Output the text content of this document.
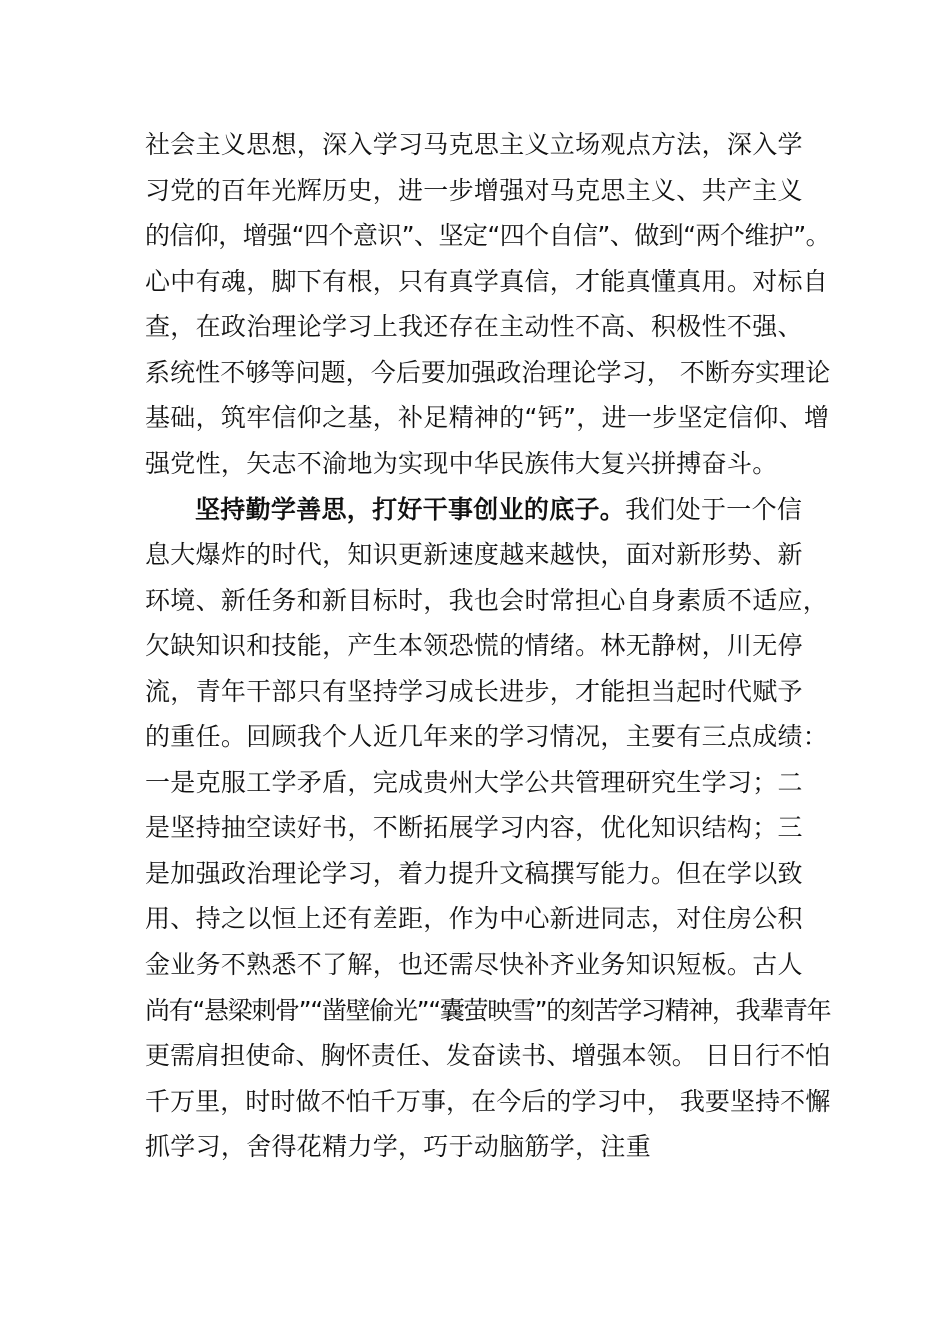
社会主义思想，深入学习马克思主义立场观点方法，深入学
习党的百年光辉历史，进一步增强对马克思主义、共产主义
的信仰，增强“四个意识”、坚定“四个自信”、做到“两个维护”。
心中有魂，脚下有根，只有真学真信，才能真懂真用。对标自
查，在政治理论学习上我还存在主动性不高、积极性不强、
系统性不够等问题，今后要加强政治理论学习， 不断夯实理论
基础，筑牢信仰之基，补足精神的“钙”，进一步坚定信仰、增
强党性，矢志不渝地为实现中华民族伟大复兴拼搏奋斗。
坚持勤学善思，打好干事创业的底子。我们处于一个信
息大爆炸的时代，知识更新速度越来越快，面对新形势、新
环境、新任务和新目标时，我也会时常担心自身素质不适应，
欠缺知识和技能，产生本领恐慌的情绪。林无静树，川无停
流，青年干部只有坚持学习成长进步，才能担当起时代赋予
的重任。回顾我个人近几年来的学习情况，主要有三点成绩：
一是克服工学矛盾，完成贵州大学公共管理研究生学习；二
是坚持抽空读好书，不断拓展学习内容，优化知识结构；三
是加强政治理论学习，着力提升文稿撰写能力。但在学以致
用、持之以恒上还有差距，作为中心新进同志，对住房公积
金业务不熟悉不了解，也还需尽快补齐业务知识短板。古人
尚有“悬梁刺骨”“凿壁偷光”“囊萤映雪”的刻苦学习精神，我辈青年
更需肩担使命、胸怀责任、发奋读书、增强本领。 日日行不怕
千万里，时时做不怕千万事，在今后的学习中， 我要坚持不懈
抓学习，舍得花精力学，巧于动脑筋学，注重
